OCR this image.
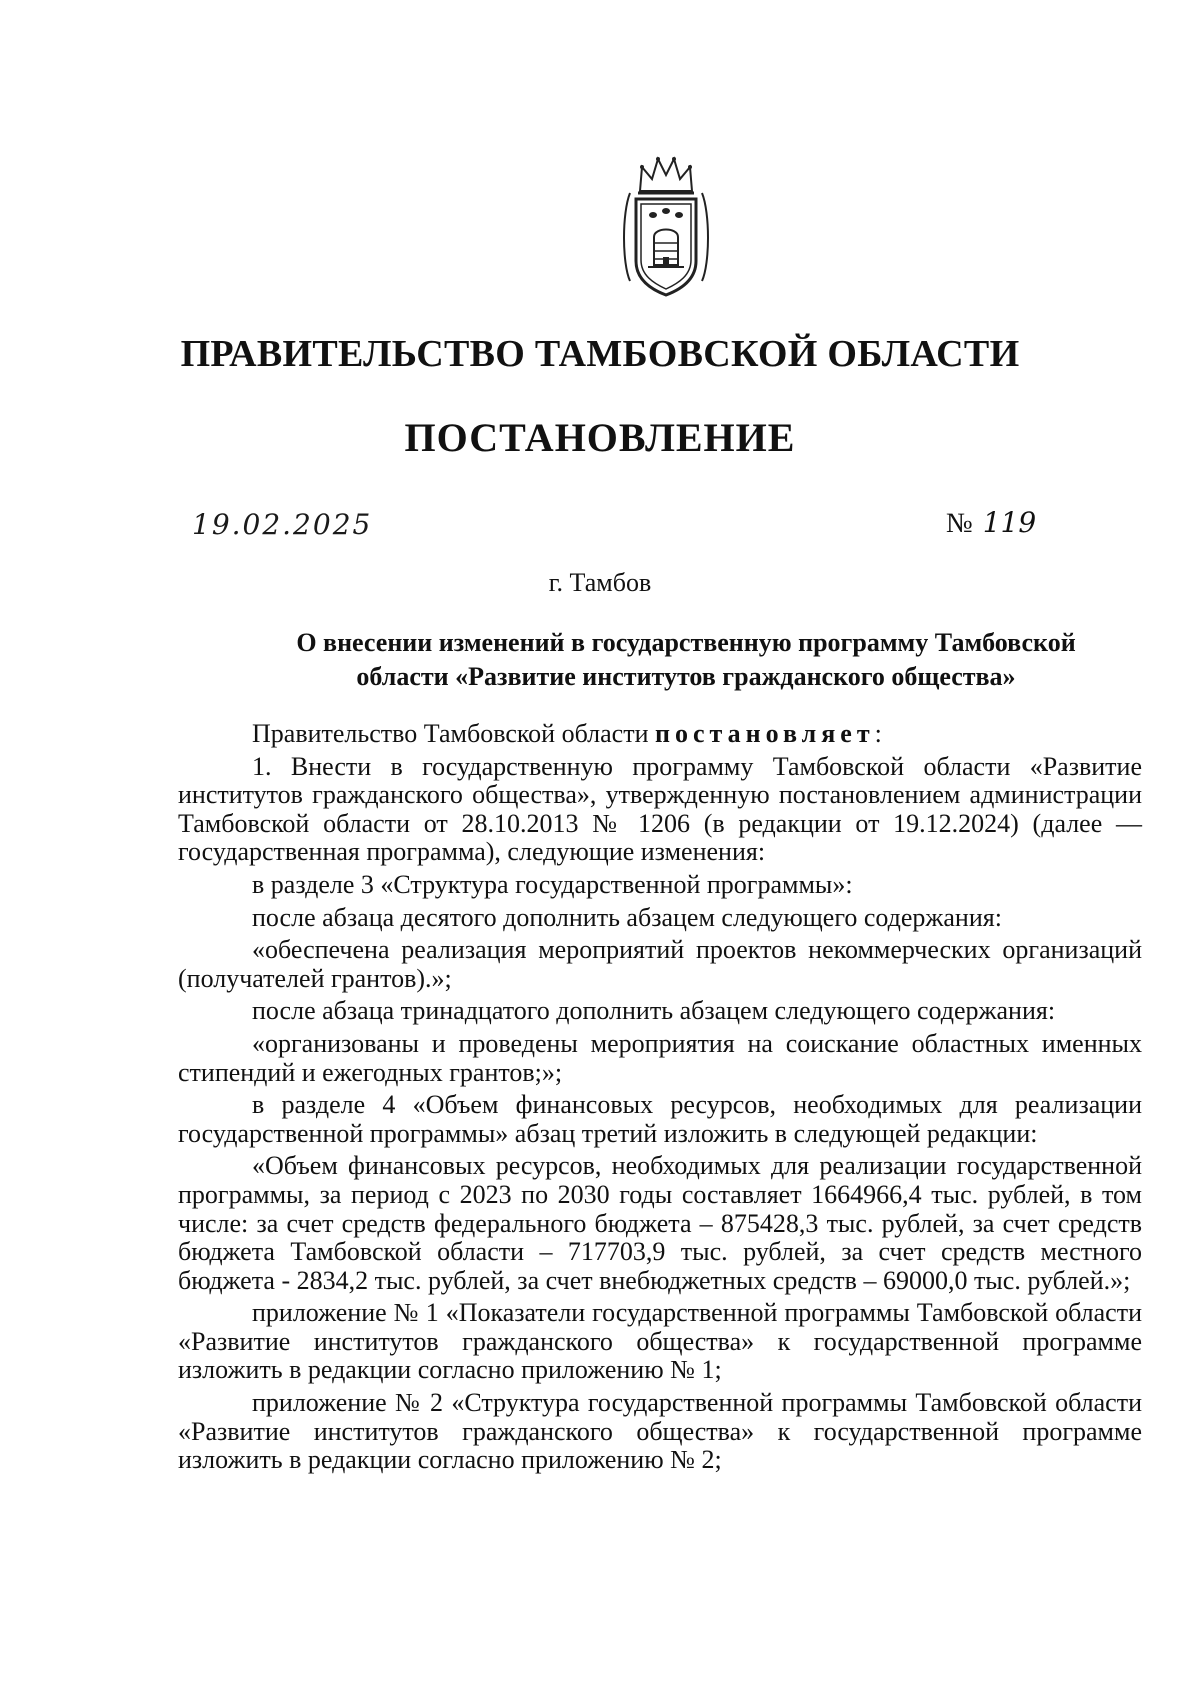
ПРАВИТЕЛЬСТВО ТАМБОВСКОЙ ОБЛАСТИ
ПОСТАНОВЛЕНИЕ
19.02.2025	№ 119
г. Тамбов
О внесении изменений в государственную программу Тамбовской области «Развитие институтов гражданского общества»

Правительство Тамбовской области постановляет:

1. Внести в государственную программу Тамбовской области «Развитие институтов гражданского общества», утвержденную постановлением администрации Тамбовской области от 28.10.2013 № 1206 (в редакции от 19.12.2024) (далее — государственная программа), следующие изменения:

в разделе 3 «Структура государственной программы»:

после абзаца десятого дополнить абзацем следующего содержания:

«обеспечена реализация мероприятий проектов некоммерческих организаций (получателей грантов).»;

после абзаца тринадцатого дополнить абзацем следующего содержания:

«организованы и проведены мероприятия на соискание областных именных стипендий и ежегодных грантов;»;

в разделе 4 «Объем финансовых ресурсов, необходимых для реализации государственной программы» абзац третий изложить в следующей редакции:

«Объем финансовых ресурсов, необходимых для реализации государственной программы, за период с 2023 по 2030 годы составляет 1664966,4 тыс. рублей, в том числе: за счет средств федерального бюджета – 875428,3 тыс. рублей, за счет средств бюджета Тамбовской области – 717703,9 тыс. рублей, за счет средств местного бюджета - 2834,2 тыс. рублей, за счет внебюджетных средств – 69000,0 тыс. рублей.»;

приложение № 1 «Показатели государственной программы Тамбовской области «Развитие институтов гражданского общества» к государственной программе изложить в редакции согласно приложению № 1;

приложение № 2 «Структура государственной программы Тамбовской области «Развитие институтов гражданского общества» к государственной программе изложить в редакции согласно приложению № 2;
